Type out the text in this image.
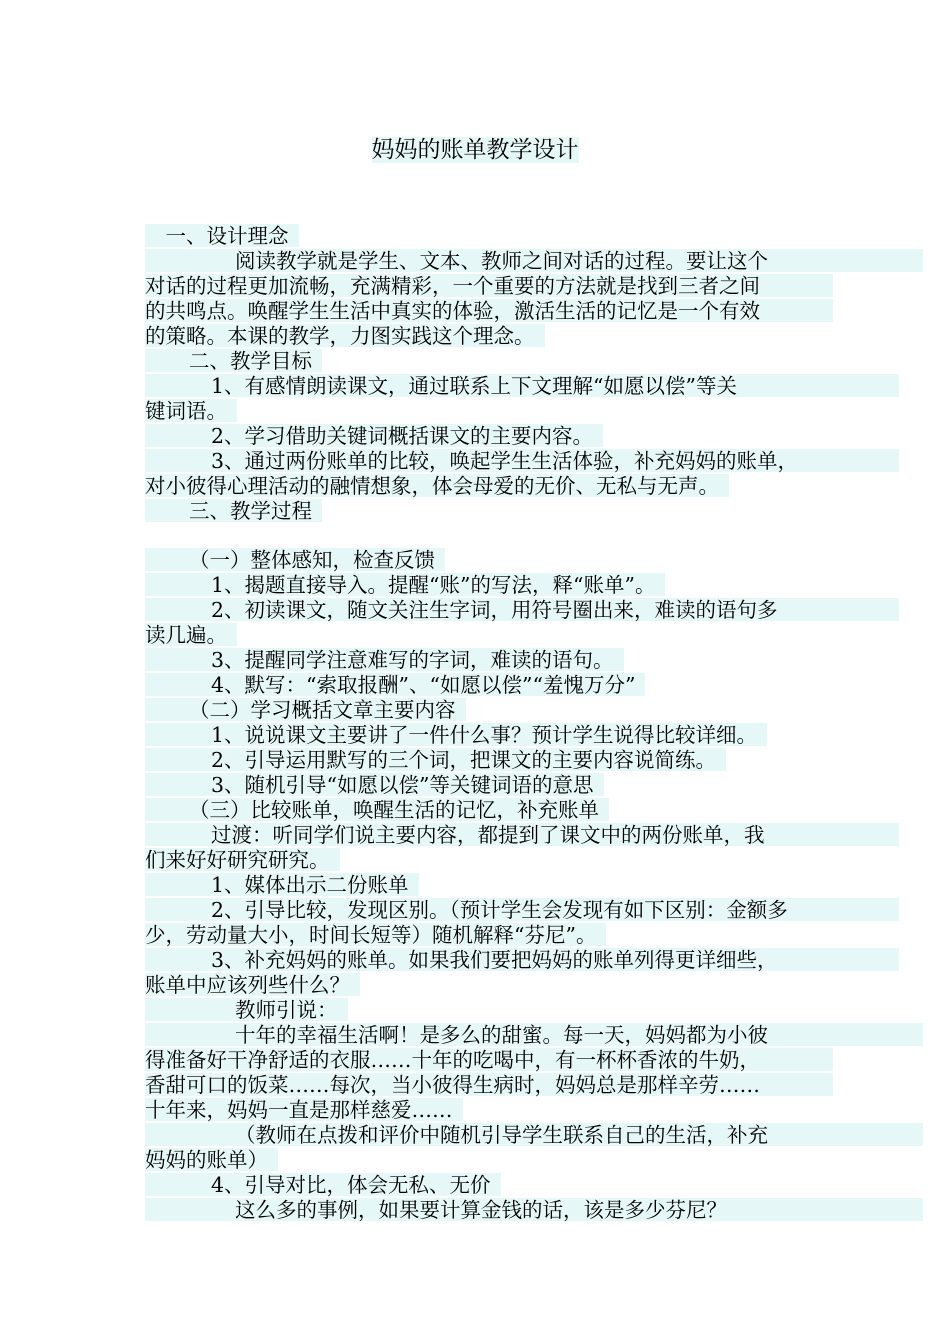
妈妈的账单教学设计
　一、设计理念
阅读教学就是学生、文本、教师之间对话的过程。要让这个
对话的过程更加流畅，充满精彩，一个重要的方法就是找到三者之间
的共鸣点。唤醒学生生活中真实的体验，激活生活的记忆是一个有效
的策略。本课的教学，力图实践这个理念。
二、教学目标
1、有感情朗读课文，通过联系上下文理解“如愿以偿”等关
键词语。
2、学习借助关键词概括课文的主要内容。
3、通过两份账单的比较，唤起学生生活体验，补充妈妈的账单，
对小彼得心理活动的融情想象，体会母爱的无价、无私与无声。
三、教学过程
（一）整体感知，检查反馈
1、揭题直接导入。提醒“账”的写法，释“账单”。
2、初读课文，随文关注生字词，用符号圈出来，难读的语句多
读几遍。
3、提醒同学注意难写的字词，难读的语句。
4、默写：“索取报酬”、“如愿以偿”“羞愧万分”
（二）学习概括文章主要内容
1、说说课文主要讲了一件什么事？预计学生说得比较详细。
2、引导运用默写的三个词，把课文的主要内容说简练。
3、随机引导“如愿以偿”等关键词语的意思
（三）比较账单，唤醒生活的记忆，补充账单
过渡：听同学们说主要内容，都提到了课文中的两份账单，我
们来好好研究研究。
1、媒体出示二份账单
2、引导比较，发现区别。（预计学生会发现有如下区别：金额多
少，劳动量大小，时间长短等）随机解释“芬尼”。
3、补充妈妈的账单。如果我们要把妈妈的账单列得更详细些，
账单中应该列些什么？
教师引说：
十年的幸福生活啊！是多么的甜蜜。每一天，妈妈都为小彼
得准备好干净舒适的衣服……十年的吃喝中，有一杯杯香浓的牛奶，
香甜可口的饭菜……每次，当小彼得生病时，妈妈总是那样辛劳……
十年来，妈妈一直是那样慈爱……
（教师在点拨和评价中随机引导学生联系自己的生活，补充
妈妈的账单）
4、引导对比，体会无私、无价
这么多的事例，如果要计算金钱的话，该是多少芬尼？
